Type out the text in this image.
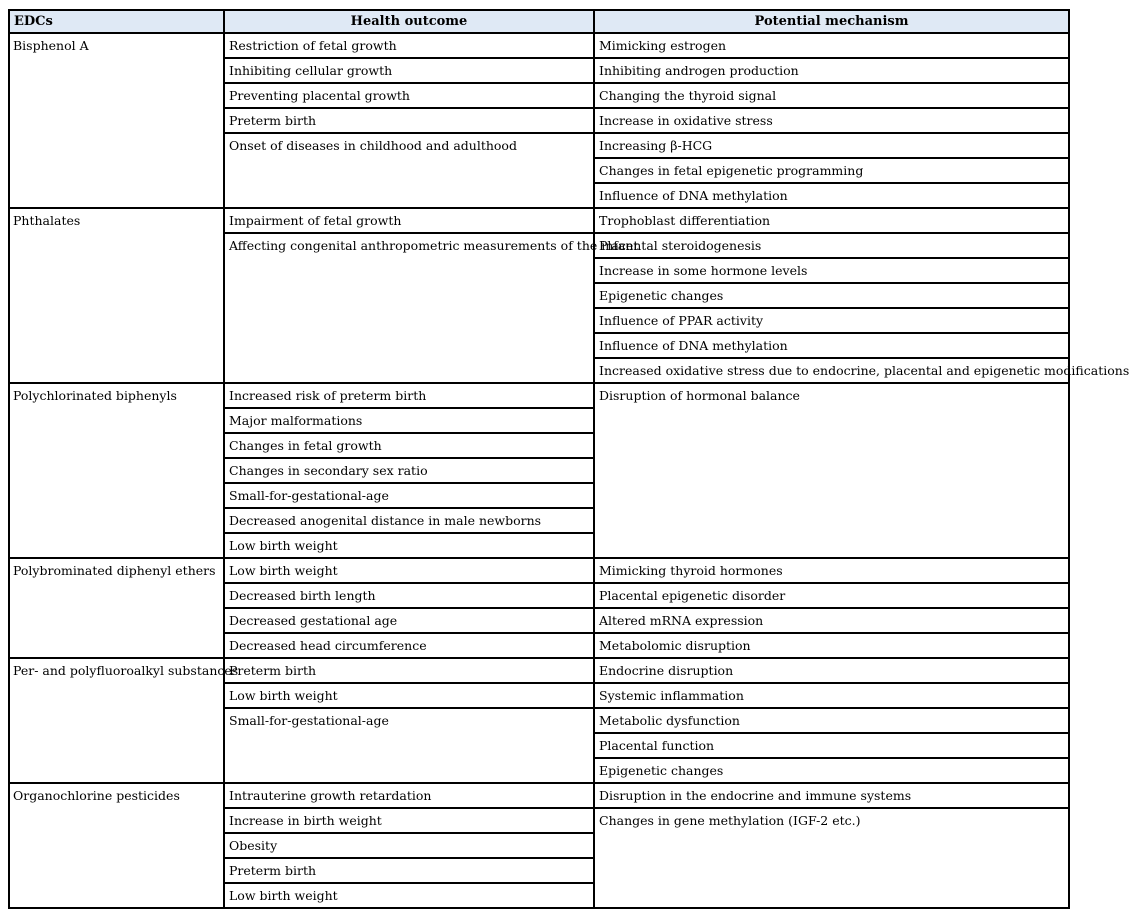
EDCs	Health outcome	Potential mechanism
Bisphenol A
Phthalates
Polychlorinated biphenyls
Polybrominated diphenyl ethers
Per- and polyfluoroalkyl substances
Organochlorine pesticides
Restriction of fetal growth
Inhibiting cellular growth
Preventing placental growth
Preterm birth
Onset of diseases in childhood and adulthood
Impairment of fetal growth
Affecting congenital anthropometric measurements of the infant
Increased risk of preterm birth
Major malformations
Changes in fetal growth
Changes in secondary sex ratio
Small-for-gestational-age
Decreased anogenital distance in male newborns
Low birth weight
Low birth weight
Decreased birth length
Decreased gestational age
Decreased head circumference
Preterm birth
Low birth weight
Small-for-gestational-age
Intrauterine growth retardation
Increase in birth weight
Obesity
Preterm birth
Low birth weight
Mimicking estrogen
Inhibiting androgen production
Changing the thyroid signal
Increase in oxidative stress
Increasing β-HCG
Changes in fetal epigenetic programming
Influence of DNA methylation
Trophoblast differentiation
Placental steroidogenesis
Increase in some hormone levels
Epigenetic changes
Influence of PPAR activity
Influence of DNA methylation
Increased oxidative stress due to endocrine, placental and epigenetic modifications
Disruption of hormonal balance
Mimicking thyroid hormones
Placental epigenetic disorder
Altered mRNA expression
Metabolomic disruption
Endocrine disruption
Systemic inflammation
Metabolic dysfunction
Placental function
Epigenetic changes
Disruption in the endocrine and immune systems
Changes in gene methylation (IGF-2 etc.)
